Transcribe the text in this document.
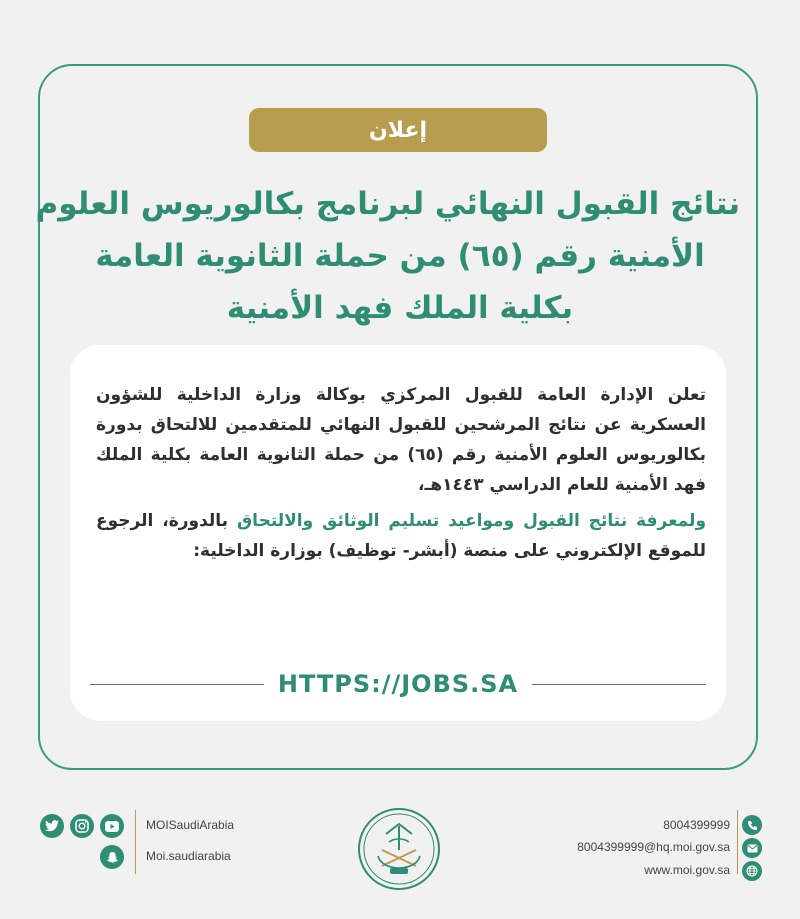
إعلان
نتائج القبول النهائي لبرنامج بكالوريوس العلوم
الأمنية رقم (٦٥) من حملة الثانوية العامة
بكلية الملك فهد الأمنية

تعلن الإدارة العامة للقبول المركزي بوكالة وزارة الداخلية للشؤون العسكرية عن نتائج المرشحين للقبول النهائي للمتقدمين للالتحاق بدورة بكالوريوس العلوم الأمنية رقم (٦٥) من حملة الثانوية العامة بكلية الملك فهد الأمنية للعام الدراسي ١٤٤٣هـ،

ولمعرفة نتائج القبول ومواعيد تسليم الوثائق والالتحاق بالدورة، الرجوع للموقع الإلكتروني على منصة (أبشر- توظيف) بوزارة الداخلية:

HTTPS://JOBS.SA
MOISaudiArabia
Moi.saudiarabia
8004399999
8004399999@hq.moi.gov.sa
www.moi.gov.sa
